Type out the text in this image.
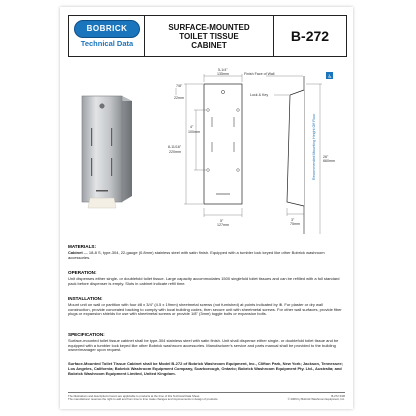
BOBRICK
Technical Data
SURFACE-MOUNTED
TOILET TISSUE
CABINET
B-272
5-1/4"
135mm
7/8"
22mm
4"
100mm
8-11/16"
220mm
5"
127mm
♿
Finish Face of Wall
Lock & Key
3"
75mm
Recommended Mounting Height Off Floor 26"
660mm
MATERIALS:

Cabinet — 18-8 S, type-304, 22-gauge (0.8mm) stainless steel with satin finish. Equipped with a tumbler lock keyed like other Bobrick washroom accessories.

OPERATION:

Unit dispenses either single- or doublefold toilet tissue. Large capacity accommodates 1500 singlefold toilet tissues and can be refilled with a full standard pack before dispenser is empty. Slots in cabinet indicate refill time.

INSTALLATION:

Mount unit on wall or partition with four #8 x 3/4" (4.5 x 19mm) sheetmetal screws (not furnished) at points indicated by ⊗. For plaster or dry wall construction, provide concealed backing to comply with local building codes, then secure unit with sheetmetal screws. For other wall surfaces, provide fiber plugs or expansion shields for use with sheetmetal screws or provide 1/8" (3mm) toggle bolts or expansion bolts.

SPECIFICATION:

Surface-mounted toilet tissue cabinet shall be type-304 stainless steel with satin finish. Unit shall dispense either single- or doublefold toilet tissue and be equipped with a tumbler lock keyed like other Bobrick washroom accessories. Manufacturer's service and parts manual shall be provided to the building owner/manager upon request.

Surface-Mounted Toilet Tissue Cabinet shall be Model B-272 of Bobrick Washroom Equipment, Inc., Clifton Park, New York; Jackson, Tennessee; Los Angeles, California; Bobrick Washroom Equipment Company, Scarborough, Ontario; Bobrick Washroom Equipment Pty. Ltd., Australia; and Bobrick Washroom Equipment Limited, United Kingdom.

The illustrations and descriptions herein are applicable to products at the time of this Technical Data Sheet.
The manufacturer reserves the right to add and from time to time make changes and improvements in design of products.
B-272 3/06
© 2006 by Bobrick Washroom Equipment, Inc.
